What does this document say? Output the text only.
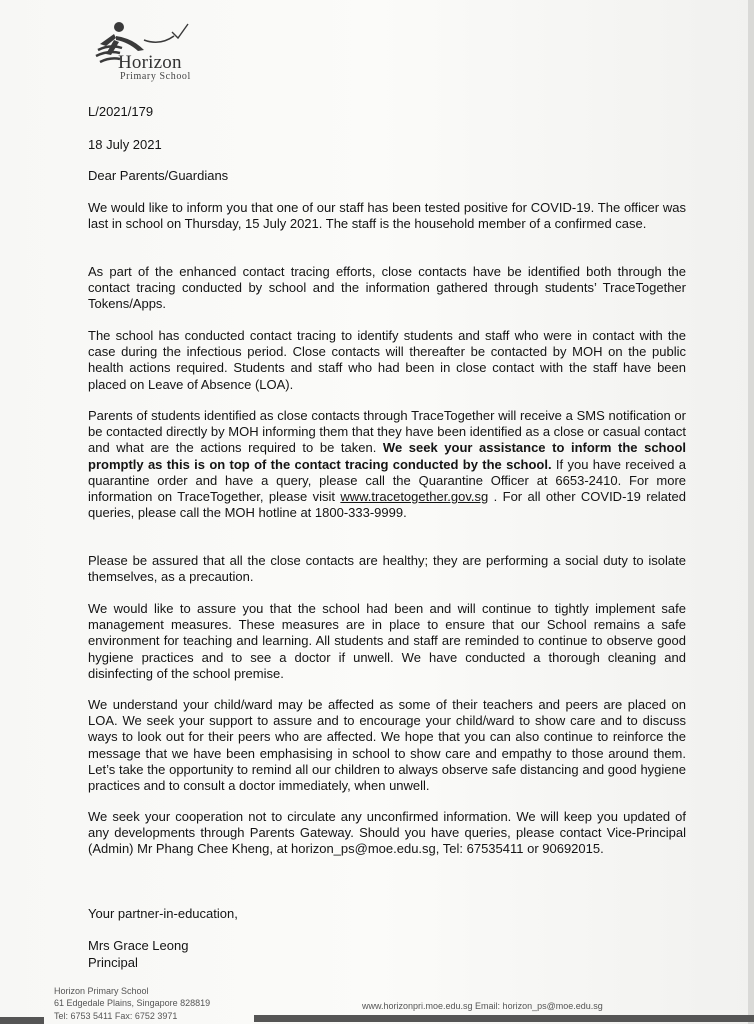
Horizon
Primary School
L/2021/179
18 July 2021
Dear Parents/Guardians
We would like to inform you that one of our staff has been tested positive for COVID-19. The officer was last in school on Thursday, 15 July 2021. The staff is the household member of a confirmed case.
As part of the enhanced contact tracing efforts, close contacts have be identified both through the contact tracing conducted by school and the information gathered through students’ TraceTogether Tokens/Apps.
The school has conducted contact tracing to identify students and staff who were in contact with the case during the infectious period. Close contacts will thereafter be contacted by MOH on the public health actions required. Students and staff who had been in close contact with the staff have been placed on Leave of Absence (LOA).
Parents of students identified as close contacts through TraceTogether will receive a SMS notification or be contacted directly by MOH informing them that they have been identified as a close or casual contact and what are the actions required to be taken. We seek your assistance to inform the school promptly as this is on top of the contact tracing conducted by the school. If you have received a quarantine order and have a query, please call the Quarantine Officer at 6653-2410. For more information on TraceTogether, please visit www.tracetogether.gov.sg . For all other COVID-19 related queries, please call the MOH hotline at 1800-333-9999.
Please be assured that all the close contacts are healthy; they are performing a social duty to isolate themselves, as a precaution.
We would like to assure you that the school had been and will continue to tightly implement safe management measures. These measures are in place to ensure that our School remains a safe environment for teaching and learning. All students and staff are reminded to continue to observe good hygiene practices and to see a doctor if unwell. We have conducted a thorough cleaning and disinfecting of the school premise.
We understand your child/ward may be affected as some of their teachers and peers are placed on LOA. We seek your support to assure and to encourage your child/ward to show care and to discuss ways to look out for their peers who are affected. We hope that you can also continue to reinforce the message that we have been emphasising in school to show care and empathy to those around them. Let’s take the opportunity to remind all our children to always observe safe distancing and good hygiene practices and to consult a doctor immediately, when unwell.
We seek your cooperation not to circulate any unconfirmed information. We will keep you updated of any developments through Parents Gateway. Should you have queries, please contact Vice-Principal (Admin) Mr Phang Chee Kheng, at horizon_ps@moe.edu.sg, Tel: 67535411 or 90692015.
Your partner-in-education,
Mrs Grace Leong
Principal
Horizon Primary School
61 Edgedale Plains, Singapore 828819
Tel: 6753 5411 Fax: 6752 3971
www.horizonpri.moe.edu.sg Email: horizon_ps@moe.edu.sg
